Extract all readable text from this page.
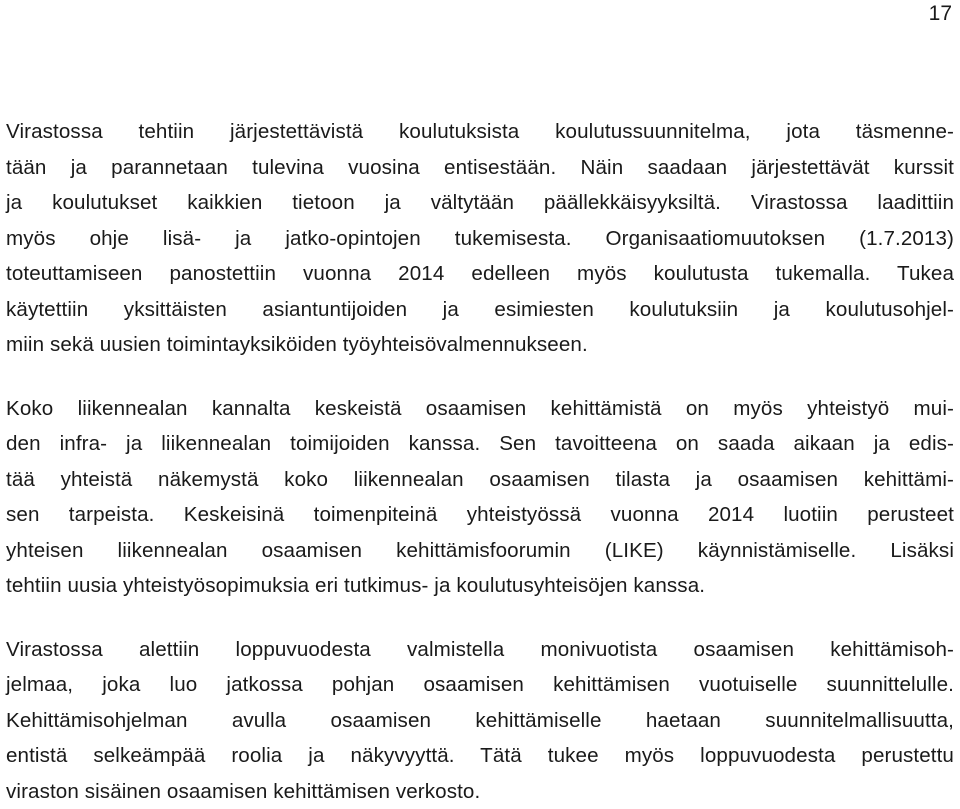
17

Virastossa tehtiin järjestettävistä koulutuksista koulutussuunnitelma, jota täsmenne-
tään ja parannetaan tulevina vuosina entisestään. Näin saadaan järjestettävät kurssit
ja koulutukset kaikkien tietoon ja vältytään päällekkäisyyksiltä. Virastossa laadittiin
myös ohje lisä- ja jatko-opintojen tukemisesta. Organisaatiomuutoksen (1.7.2013)
toteuttamiseen panostettiin vuonna 2014 edelleen myös koulutusta tukemalla. Tukea
käytettiin yksittäisten asiantuntijoiden ja esimiesten koulutuksiin ja koulutusohjel-
miin sekä uusien toimintayksiköiden työyhteisövalmennukseen.

Koko liikennealan kannalta keskeistä osaamisen kehittämistä on myös yhteistyö mui-
den infra- ja liikennealan toimijoiden kanssa. Sen tavoitteena on saada aikaan ja edis-
tää yhteistä näkemystä koko liikennealan osaamisen tilasta ja osaamisen kehittämi-
sen tarpeista. Keskeisinä toimenpiteinä yhteistyössä vuonna 2014 luotiin perusteet
yhteisen liikennealan osaamisen kehittämisfoorumin (LIKE) käynnistämiselle. Lisäksi
tehtiin uusia yhteistyösopimuksia eri tutkimus- ja koulutusyhteisöjen kanssa.

Virastossa alettiin loppuvuodesta valmistella monivuotista osaamisen kehittämisoh-
jelmaa, joka luo jatkossa pohjan osaamisen kehittämisen vuotuiselle suunnittelulle.
Kehittämisohjelman avulla osaamisen kehittämiselle haetaan suunnitelmallisuutta,
entistä selkeämpää roolia ja näkyvyyttä. Tätä tukee myös loppuvuodesta perustettu
viraston sisäinen osaamisen kehittämisen verkosto.
